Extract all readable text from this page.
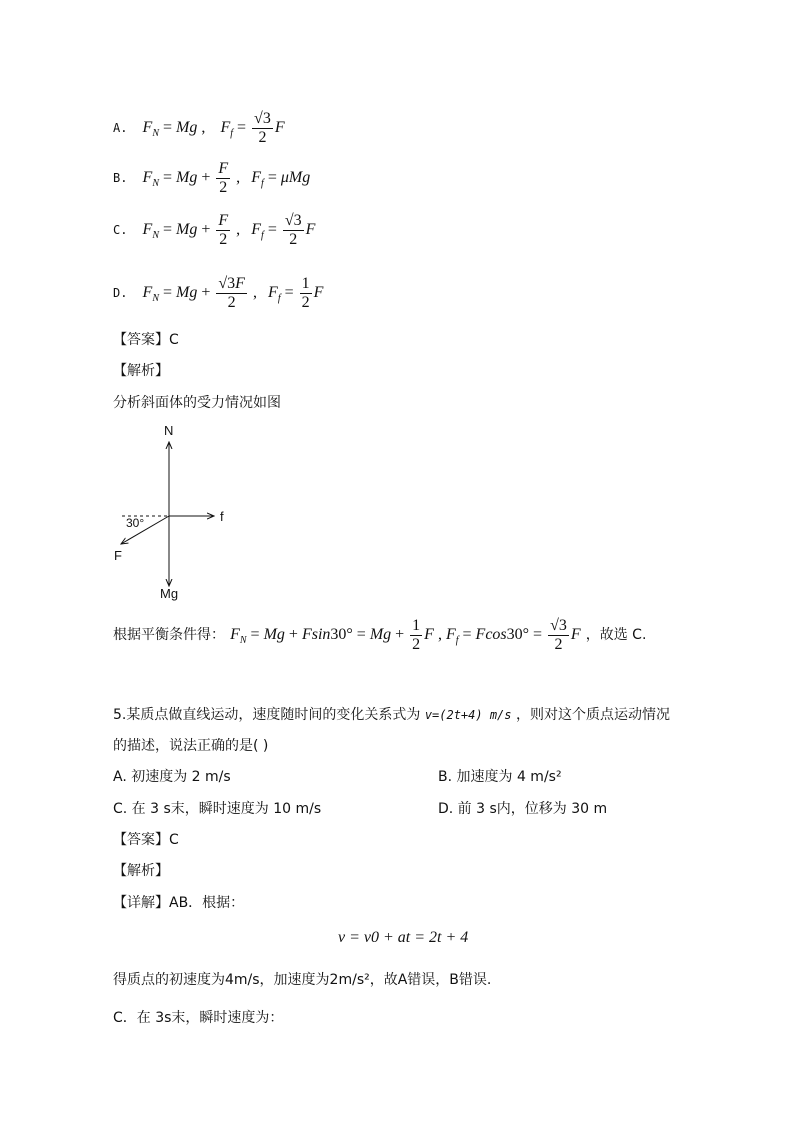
A. $F_N = Mg$ , $F_f = \frac{√3}{2}$ F
B. $F_N = Mg + \frac{F}{2}$ , $F_f = \mu Mg$
C. $F_N = Mg + \frac{F}{2}$ , $F_f = \frac{√3}{2}$ F
D. $F_N = Mg + \frac{√3F}{2}$ , $F_f = \frac{1}{2}$ F
【答案】C
【解析】
分析斜面体的受力情况如图
N
f
F
Mg
30°
根据平衡条件得： $F_N = Mg + Fsin30^\circ = Mg + \frac{1}{2}$ F , $F_f = Fcos30^\circ = \frac{√3}{2}$ F ，故选 C.
5.某质点做直线运动，速度随时间的变化关系式为 v=(2t+4) m/s ，则对这个质点运动情况
的描述，说法正确的是( )
A. 初速度为 2 m/s	B. 加速度为 4 m/s²
C. 在 3 s末，瞬时速度为 10 m/s	D. 前 3 s内，位移为 30 m
【答案】C
【解析】
【详解】AB．根据：
v = v0 + at = 2t + 4
得质点的初速度为4m/s，加速度为2m/s²，故A错误，B错误.
C．在 3s末，瞬时速度为：
